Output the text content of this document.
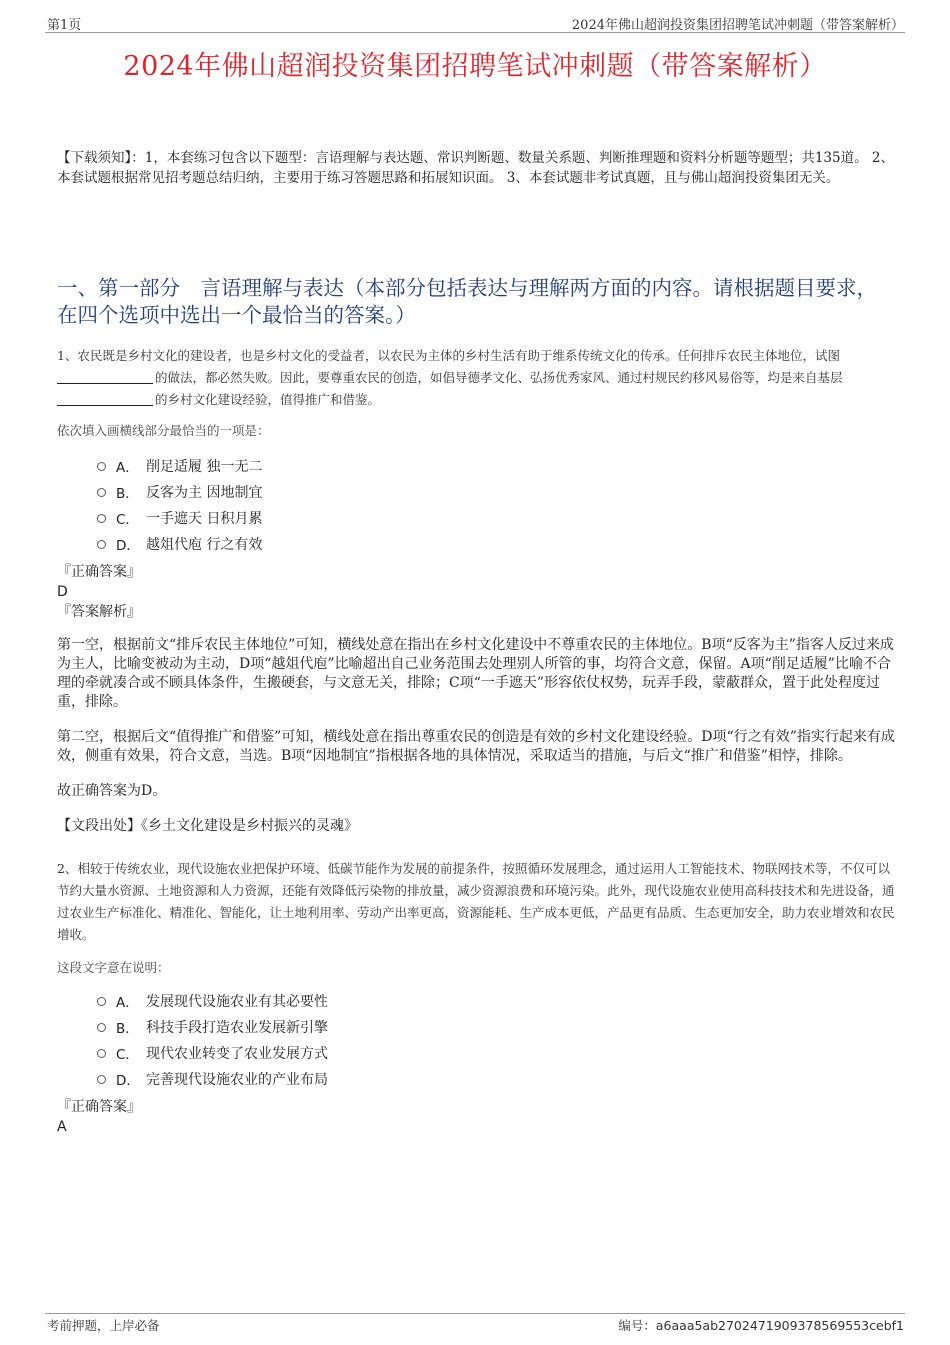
第1页	2024年佛山超润投资集团招聘笔试冲刺题（带答案解析）
2024年佛山超润投资集团招聘笔试冲刺题（带答案解析）
【下载须知】：1，本套练习包含以下题型：言语理解与表达题、常识判断题、数量关系题、判断推理题和资料分析题等题型；共135道。 2、本套试题根据常见招考题总结归纳，主要用于练习答题思路和拓展知识面。 3、本套试题非考试真题，且与佛山超润投资集团无关。
一、第一部分　言语理解与表达（本部分包括表达与理解两方面的内容。请根据题目要求，在四个选项中选出一个最恰当的答案。）

1、农民既是乡村文化的建设者，也是乡村文化的受益者，以农民为主体的乡村生活有助于维系传统文化的传承。任何排斥农民主体地位，试图
的做法，都必然失败。因此，要尊重农民的创造，如倡导德孝文化、弘扬优秀家风、通过村规民约移风易俗等，均是来自基层
的乡村文化建设经验，值得推广和借鉴。

依次填入画横线部分最恰当的一项是：

A． 削足适履 独一无二
B． 反客为主 因地制宜
C． 一手遮天 日积月累
D． 越俎代庖 行之有效

『正确答案』

D

『答案解析』

第一空，根据前文“排斥农民主体地位”可知，横线处意在指出在乡村文化建设中不尊重农民的主体地位。B项“反客为主”指客人反过来成为主人，比喻变被动为主动，D项“越俎代庖”比喻超出自己业务范围去处理别人所管的事，均符合文意，保留。A项“削足适履”比喻不合理的牵就凑合或不顾具体条件，生搬硬套，与文意无关，排除；C项“一手遮天”形容依仗权势，玩弄手段，蒙蔽群众，置于此处程度过重，排除。

第二空，根据后文“值得推广和借鉴”可知，横线处意在指出尊重农民的创造是有效的乡村文化建设经验。D项“行之有效”指实行起来有成效，侧重有效果，符合文意，当选。B项“因地制宜”指根据各地的具体情况，采取适当的措施，与后文“推广和借鉴”相悖，排除。

故正确答案为D。

【文段出处】《乡土文化建设是乡村振兴的灵魂》

2、相较于传统农业，现代设施农业把保护环境、低碳节能作为发展的前提条件，按照循环发展理念，通过运用人工智能技术、物联网技术等，不仅可以节约大量水资源、土地资源和人力资源，还能有效降低污染物的排放量，减少资源浪费和环境污染。此外，现代设施农业使用高科技技术和先进设备，通过农业生产标准化、精准化、智能化，让土地利用率、劳动产出率更高，资源能耗、生产成本更低，产品更有品质、生态更加安全，助力农业增效和农民增收。

这段文字意在说明：

A． 发展现代设施农业有其必要性
B． 科技手段打造农业发展新引擎
C． 现代农业转变了农业发展方式
D． 完善现代设施农业的产业布局

『正确答案』

A

考前押题，上岸必备	编号：a6aaa5ab270247190937856955​3cebf1
